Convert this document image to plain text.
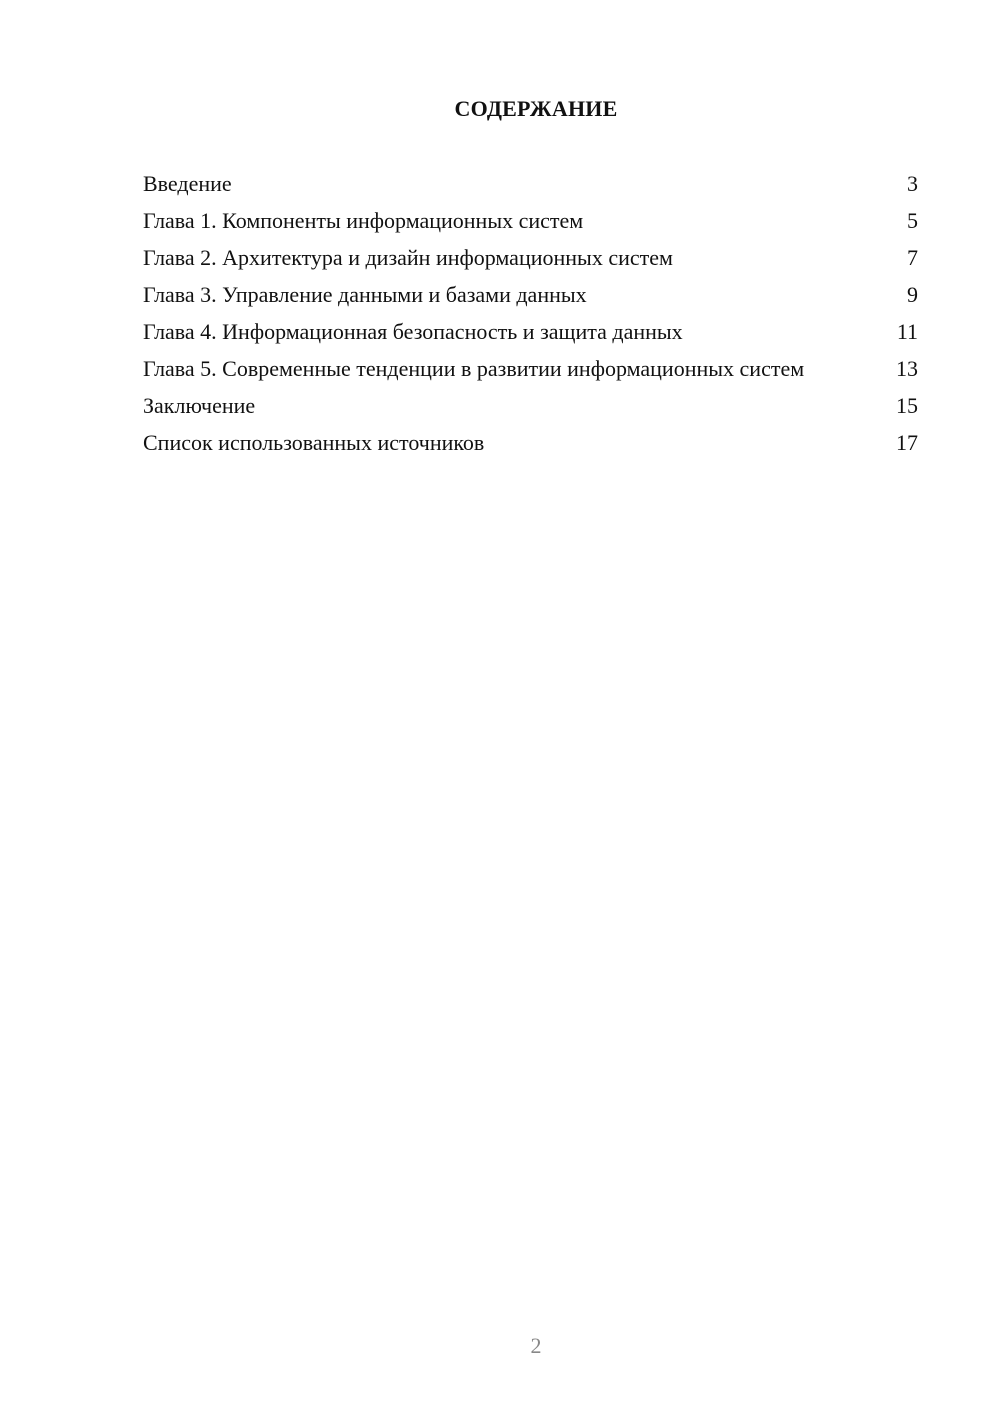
СОДЕРЖАНИЕ
Введение	3
Глава 1. Компоненты информационных систем	5
Глава 2. Архитектура и дизайн информационных систем	7
Глава 3. Управление данными и базами данных	9
Глава 4. Информационная безопасность и защита данных	11
Глава 5. Современные тенденции в развитии информационных систем	13
Заключение	15
Список использованных источников	17
2
